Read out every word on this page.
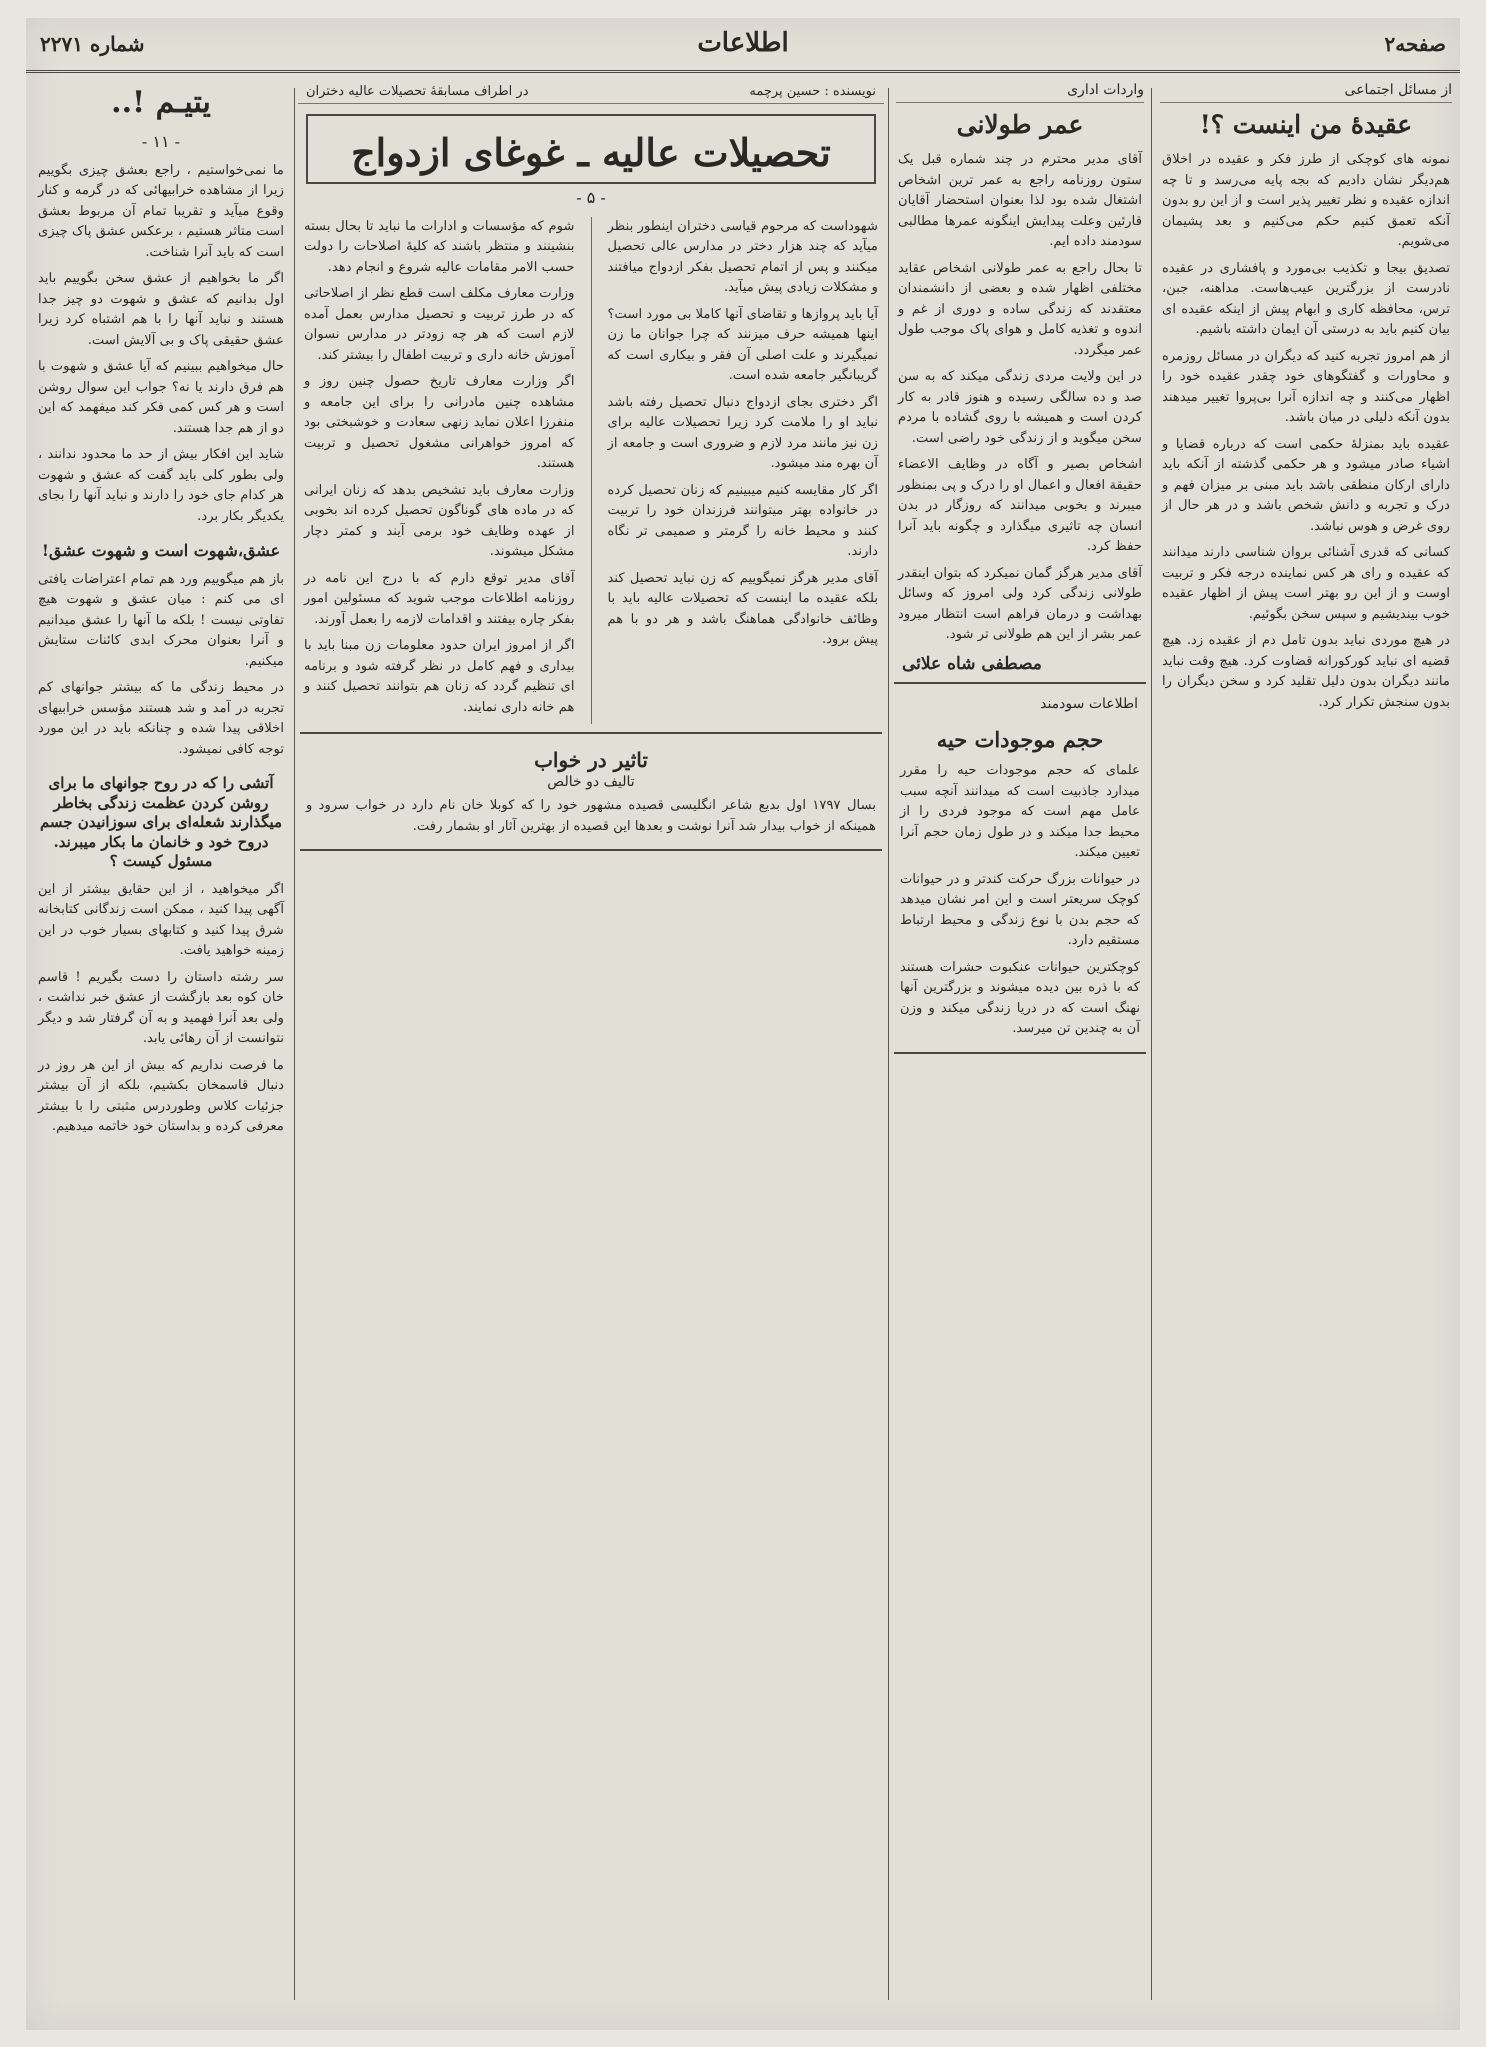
صفحه۲
اطلاعات
شماره ۲۲۷۱
از مسائل اجتماعی
عقیدهٔ من اینست ؟!

نمونه های کوچکی از طرز فکر و عقیده در اخلاق هم‌دیگر نشان دادیم که بجه پایه می‌رسد و تا چه اندازه عقیده و نظر تغییر پذیر است و از این رو بدون آنکه تعمق کنیم حکم می‌کنیم و بعد پشیمان می‌شویم.

تصدیق بیجا و تکذیب بی‌مورد و پافشاری در عقیده نادرست از بزرگترین عیب‌هاست. مداهنه، جبن، ترس، محافظه کاری و ابهام پیش از اینکه عقیده ای بیان کنیم باید به درستی آن ایمان داشته باشیم.

از هم امروز تجربه کنید که دیگران در مسائل روزمره و محاورات و گفتگوهای خود چقدر عقیده خود را اظهار می‌کنند و چه اندازه آنرا بی‌پروا تغییر میدهند بدون آنکه دلیلی در میان باشد.

عقیده باید بمنزلهٔ حکمی است که درباره قضایا و اشیاء صادر میشود و هر حکمی گذشته از آنکه باید دارای ارکان منطقی باشد باید مبنی بر میزان فهم و درک و تجربه و دانش شخص باشد و در هر حال از روی غرض و هوس نباشد.

کسانی که قدری آشنائی بروان شناسی دارند میدانند که عقیده و رای هر کس نماینده درجه فکر و تربیت اوست و از این رو بهتر است پیش از اظهار عقیده خوب بیندیشیم و سپس سخن بگوئیم.

در هیچ موردی نباید بدون تامل دم از عقیده زد. هیچ قضیه ای نباید کورکورانه قضاوت کرد. هیچ وقت نباید مانند دیگران بدون دلیل تقلید کرد و سخن دیگران را بدون سنجش تکرار کرد.

واردات اداری
عمر طولانی

آقای مدیر محترم در چند شماره قبل یک ستون روزنامه راجع به عمر ترین اشخاص اشتغال شده بود لذا بعنوان استحضار آقایان قارئین وعلت پیدایش اینگونه عمرها مطالبی سودمند داده ایم.

تا بحال راجع به عمر طولانی اشخاص عقاید مختلفی اظهار شده و بعضی از دانشمندان معتقدند که زندگی ساده و دوری از غم و اندوه و تغذیه کامل و هوای پاک موجب طول عمر میگردد.

در این ولایت مردی زندگی میکند که به سن صد و ده سالگی رسیده و هنوز قادر به کار کردن است و همیشه با روی گشاده با مردم سخن میگوید و از زندگی خود راضی است.

اشخاص بصیر و آگاه در وظایف الاعضاء حقیقة افعال و اعمال او را درک و پی بمنظور میبرند و بخوبی میدانند که روزگار در بدن انسان چه تاثیری میگذارد و چگونه باید آنرا حفظ کرد.

آقای مدیر هرگز گمان نمیکرد که بتوان اینقدر طولانی زندگی کرد ولی امروز که وسائل بهداشت و درمان فراهم است انتظار میرود عمر بشر از این هم طولانی تر شود.

مصطفی شاه علائی
اطلاعات سودمند
حجم موجودات حیه

علمای که حجم موجودات حیه را مقرر میدارد جاذبیت است که میدانند آنچه سبب عامل مهم است که موجود فردی را از محیط جدا میکند و در طول زمان حجم آنرا تعیین میکند.

در حیوانات بزرگ حرکت کندتر و در حیوانات کوچک سریعتر است و این امر نشان میدهد که حجم بدن با نوع زندگی و محیط ارتباط مستقیم دارد.

کوچکترین حیوانات عنکبوت حشرات هستند که با ذره بین دیده میشوند و بزرگترین آنها نهنگ است که در دریا زندگی میکند و وزن آن به چندین تن میرسد.

نویسنده : حسین پرچمه
در اطراف مسابقهٔ تحصیلات عالیه دختران
تحصیلات عالیه ـ غوغای ازدواج
- ۵ -

شهوداست که مرحوم قیاسی دختران اینطور بنظر میآید که چند هزار دختر در مدارس عالی تحصیل میکنند و پس از اتمام تحصیل بفکر ازدواج میافتند و مشکلات زیادی پیش میآید.

آیا باید پروازها و تقاضای آنها کاملا بی مورد است؟ اینها همیشه حرف میزنند که چرا جوانان ما زن نمیگیرند و علت اصلی آن فقر و بیکاری است که گریبانگیر جامعه شده است.

اگر دختری بجای ازدواج دنبال تحصیل رفته باشد نباید او را ملامت کرد زیرا تحصیلات عالیه برای زن نیز مانند مرد لازم و ضروری است و جامعه از آن بهره مند میشود.

اگر کار مقایسه کنیم میبینیم که زنان تحصیل کرده در خانواده بهتر میتوانند فرزندان خود را تربیت کنند و محیط خانه را گرمتر و صمیمی تر نگاه دارند.

آقای مدیر هرگز نمیگوییم که زن نباید تحصیل کند بلکه عقیده ما اینست که تحصیلات عالیه باید با وظائف خانوادگی هماهنگ باشد و هر دو با هم پیش برود.

شوم که مؤسسات و ادارات ما نباید تا بحال بسته بنشینند و منتظر باشند که کلیهٔ اصلاحات را دولت حسب الامر مقامات عالیه شروع و انجام دهد.

وزارت معارف مکلف است قطع نظر از اصلاحاتی که در طرز تربیت و تحصیل مدارس بعمل آمده لازم است که هر چه زودتر در مدارس نسوان آموزش خانه داری و تربیت اطفال را بیشتر کند.

اگر وزارت معارف تاریخ حصول چنین روز و مشاهده چنین مادرانی را برای این جامعه و منفرزا اعلان نماید زنهی سعادت و خوشبختی بود که امروز خواهرانی مشغول تحصیل و تربیت هستند.

وزارت معارف باید تشخیص بدهد که زنان ایرانی که در ماده های گوناگون تحصیل کرده اند بخوبی از عهده وظایف خود برمی آیند و کمتر دچار مشکل میشوند.

آقای مدیر توقع دارم که با درج این نامه در روزنامه اطلاعات موجب شوید که مسئولین امور بفکر چاره بیفتند و اقدامات لازمه را بعمل آورند.

اگر از امروز ایران حدود معلومات زن مبنا باید با بیداری و فهم کامل در نظر گرفته شود و برنامه ای تنظیم گردد که زنان هم بتوانند تحصیل کنند و هم خانه داری نمایند.

تاثیر در خواب
تالیف دو خالص

بسال ۱۷۹۷ اول بدیع شاعر انگلیسی قصیده مشهور خود را که کوبلا خان نام دارد در خواب سرود و همینکه از خواب بیدار شد آنرا نوشت و بعدها این قصیده از بهترین آثار او بشمار رفت.

یتیـم !..
- ۱۱ -

ما نمی‌خواستیم ، راجع بعشق چیزی بگوییم زیرا از مشاهده خرابیهائی که در گرمه و کنار وقوع میآید و تقریبا تمام آن مربوط بعشق است متاثر هستیم ، برعکس عشق پاک چیزی است که باید آنرا شناخت.

اگر ما بخواهیم از عشق سخن بگوییم باید اول بدانیم که عشق و شهوت دو چیز جدا هستند و نباید آنها را با هم اشتباه کرد زیرا عشق حقیقی پاک و بی آلایش است.

حال میخواهیم ببینیم که آیا عشق و شهوت با هم فرق دارند یا نه؟ جواب این سوال روشن است و هر کس کمی فکر کند میفهمد که این دو از هم جدا هستند.

شاید این افکار بیش از حد ما محدود ندانند ، ولی بطور کلی باید گفت که عشق و شهوت هر کدام جای خود را دارند و نباید آنها را بجای یکدیگر بکار برد.

عشق،شهوت است و شهوت عشق!

باز هم میگوییم ورد هم تمام اعتراضات یافتی ای می کنم : میان عشق و شهوت هیچ تفاوتی نیست ! بلکه ما آنها را عشق میدانیم و آنرا بعنوان محرک ابدی کائنات ستایش میکنیم.

در محیط زندگی ما که بیشتر جوانهای کم تجربه در آمد و شد هستند مؤسس خرابیهای اخلاقی پیدا شده و چنانکه باید در این مورد توجه کافی نمیشود.

آتشی را که در روح جوانهای ما برای روشن کردن عظمت زندگی بخاطر میگذارند شعله‌ای برای سوزانیدن جسم دروح خود و خانمان ما بکار میبرند. مسئول کیست ؟

اگر میخواهید ، از این حقایق بیشتر از این آگهی پیدا کنید ، ممکن است زندگانی کتابخانه شرق پیدا کنید و کتابهای بسیار خوب در این زمینه خواهید یافت.

سر رشته داستان را دست بگیریم ! قاسم خان کوه بعد بازگشت از عشق خبر نداشت ، ولی بعد آنرا فهمید و به آن گرفتار شد و دیگر نتوانست از آن رهائی یابد.

ما فرصت نداریم که بیش از این هر روز در دنبال قاسمخان بکشیم، بلکه از آن بیشتر جزئیات کلاس وطوردرس مثبتی را با بیشتر معرفی کرده و بداستان خود خاتمه میدهیم.
